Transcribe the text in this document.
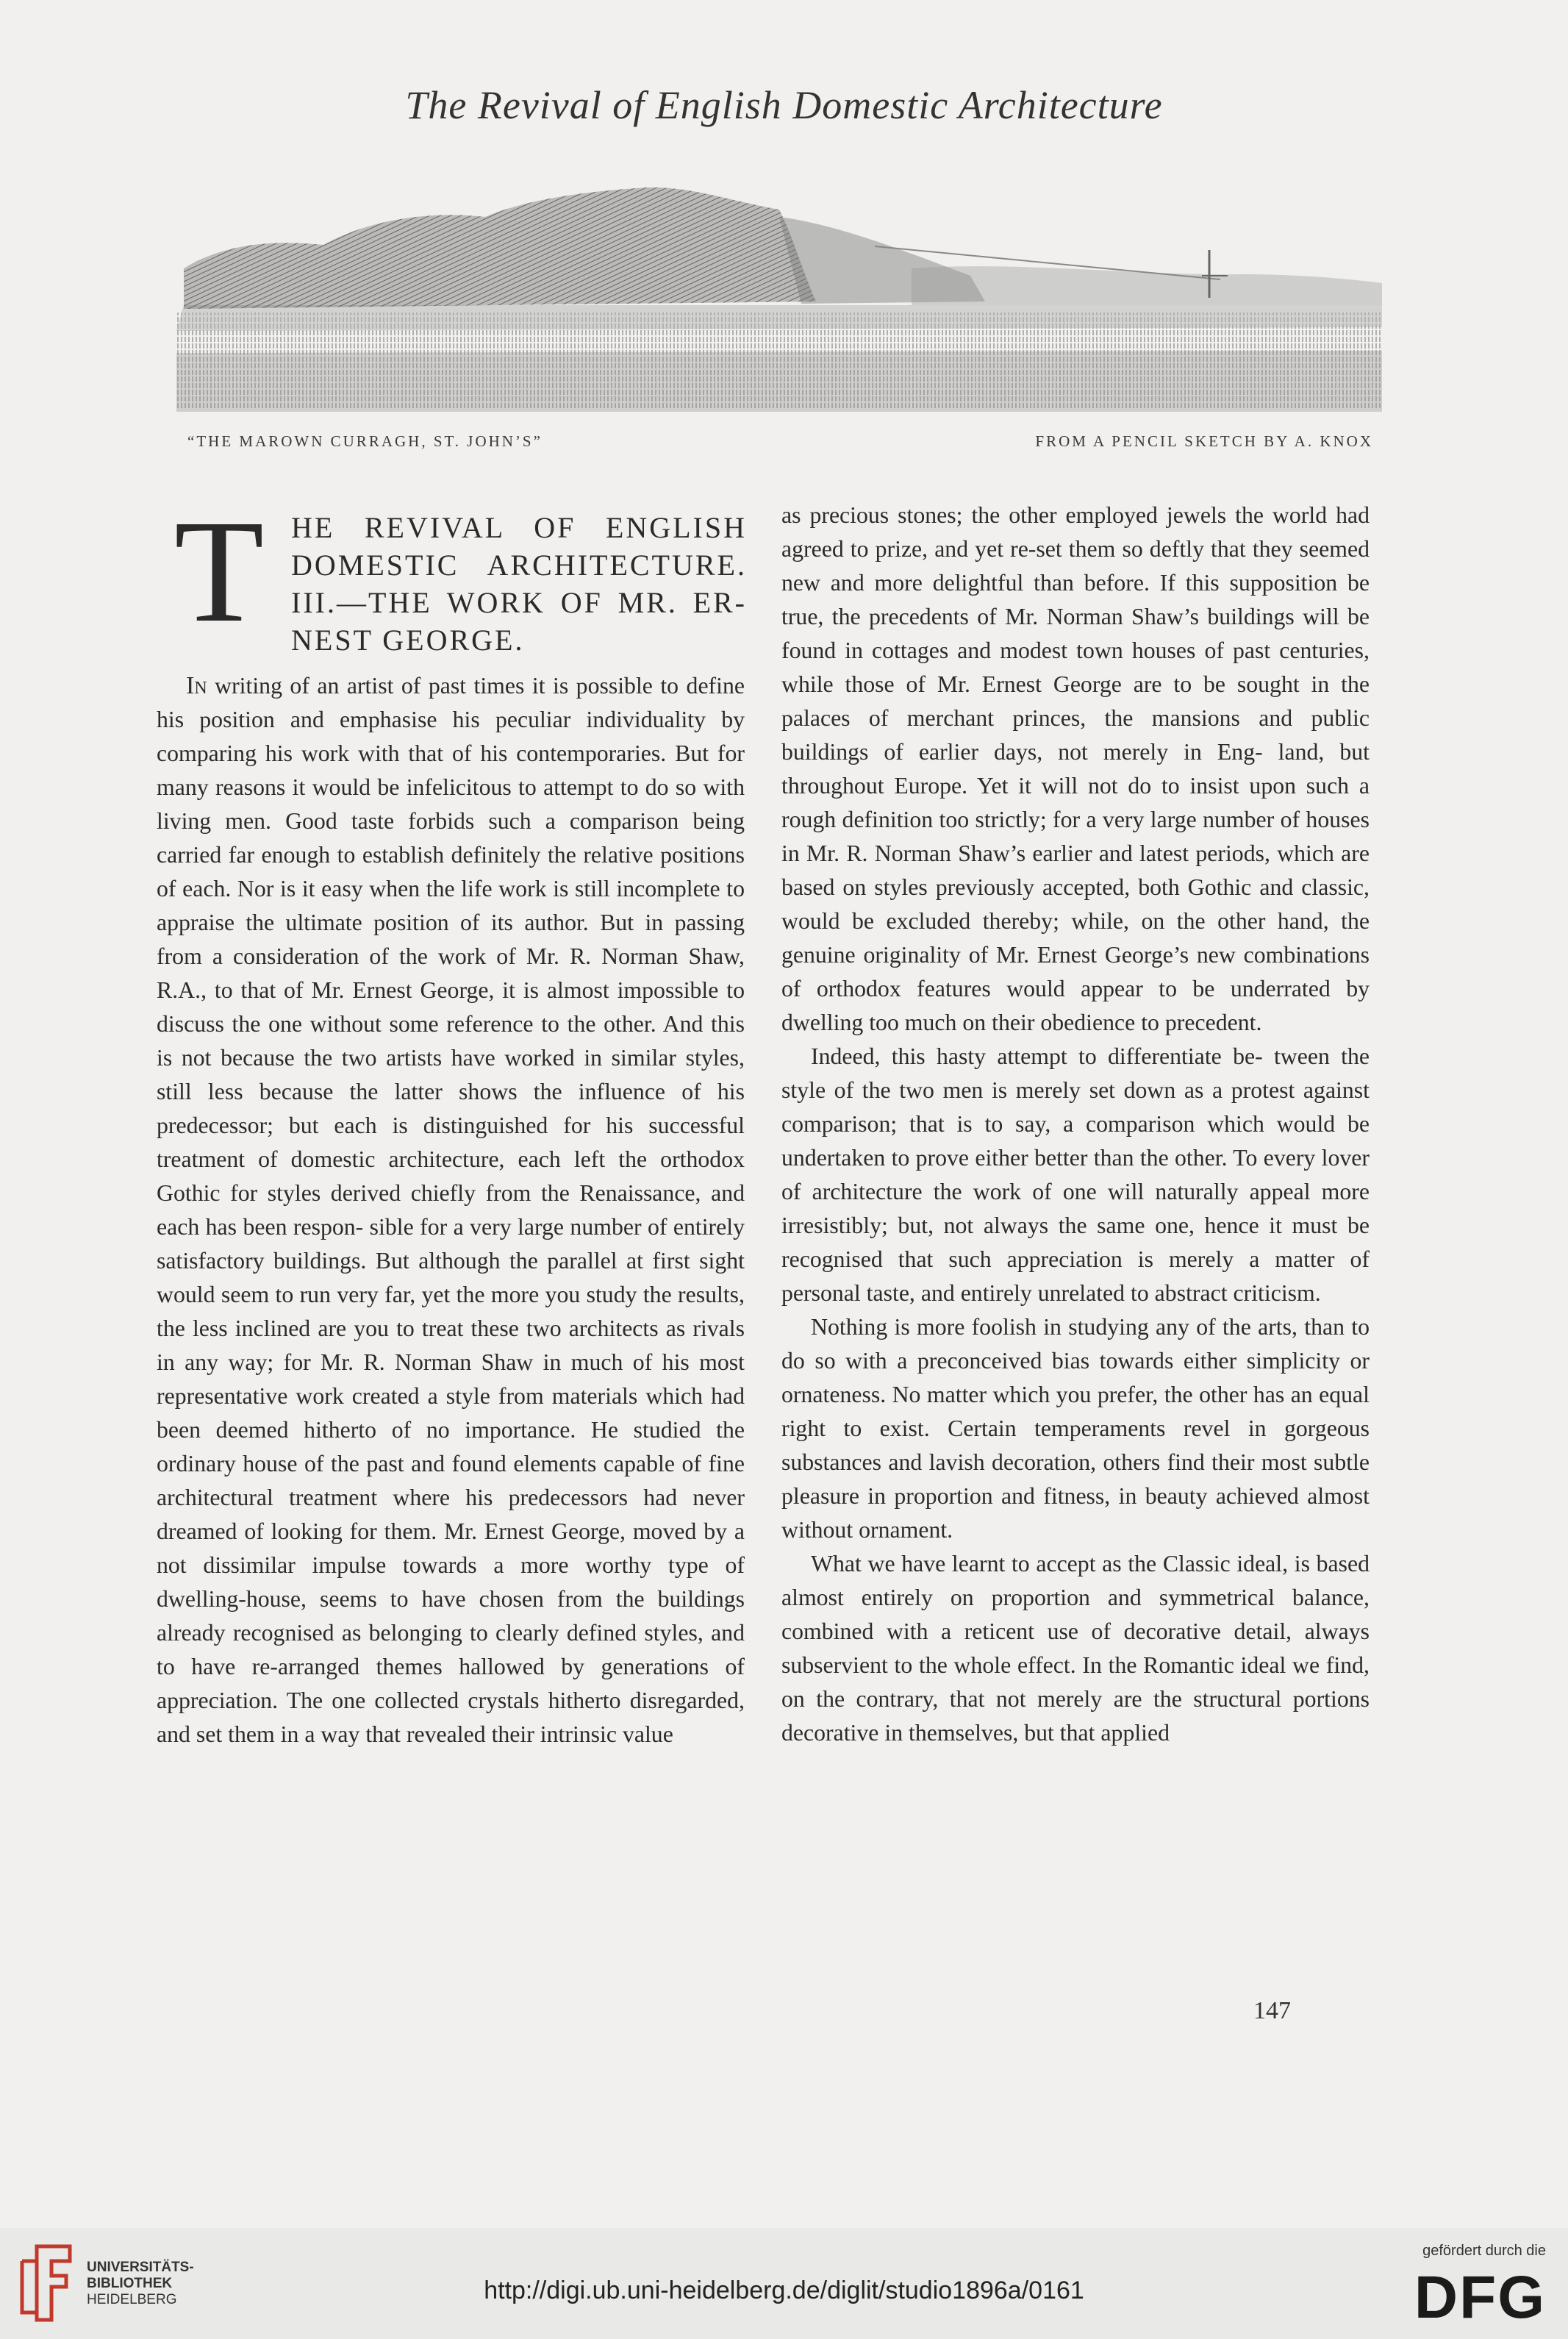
The Revival of English Domestic Architecture
“THE MAROWN CURRAGH, ST. JOHN’S”	FROM A PENCIL SKETCH BY A. KNOX
T HE REVIVAL OF ENGLISH DOMESTIC ARCHITECTURE. III.—THE WORK OF MR. ER- NEST GEORGE.

In writing of an artist of past times it is possible to define his position and emphasise his peculiar individuality by comparing his work with that of his contemporaries. But for many reasons it would be infelicitous to attempt to do so with living men. Good taste forbids such a comparison being carried far enough to establish definitely the relative positions of each. Nor is it easy when the life work is still incomplete to appraise the ultimate position of its author. But in passing from a consideration of the work of Mr. R. Norman Shaw, R.A., to that of Mr. Ernest George, it is almost impossible to discuss the one without some reference to the other. And this is not because the two artists have worked in similar styles, still less because the latter shows the influence of his predecessor; but each is distinguished for his successful treatment of domestic architecture, each left the orthodox Gothic for styles derived chiefly from the Renaissance, and each has been respon- sible for a very large number of entirely satisfactory buildings. But although the parallel at first sight would seem to run very far, yet the more you study the results, the less inclined are you to treat these two architects as rivals in any way; for Mr. R. Norman Shaw in much of his most representative work created a style from materials which had been deemed hitherto of no importance. He studied the ordinary house of the past and found elements capable of fine architectural treatment where his predecessors had never dreamed of looking for them. Mr. Ernest George, moved by a not dissimilar impulse towards a more worthy type of dwelling-house, seems to have chosen from the buildings already recognised as belonging to clearly defined styles, and to have re-arranged themes hallowed by generations of appreciation. The one collected crystals hitherto disregarded, and set them in a way that revealed their intrinsic value

as precious stones; the other employed jewels the world had agreed to prize, and yet re-set them so deftly that they seemed new and more delightful than before. If this supposition be true, the precedents of Mr. Norman Shaw’s buildings will be found in cottages and modest town houses of past centuries, while those of Mr. Ernest George are to be sought in the palaces of merchant princes, the mansions and public buildings of earlier days, not merely in Eng- land, but throughout Europe. Yet it will not do to insist upon such a rough definition too strictly; for a very large number of houses in Mr. R. Norman Shaw’s earlier and latest periods, which are based on styles previously accepted, both Gothic and classic, would be excluded thereby; while, on the other hand, the genuine originality of Mr. Ernest George’s new combinations of orthodox features would appear to be underrated by dwelling too much on their obedience to precedent.

Indeed, this hasty attempt to differentiate be- tween the style of the two men is merely set down as a protest against comparison; that is to say, a comparison which would be undertaken to prove either better than the other. To every lover of architecture the work of one will naturally appeal more irresistibly; but, not always the same one, hence it must be recognised that such appreciation is merely a matter of personal taste, and entirely unrelated to abstract criticism.

Nothing is more foolish in studying any of the arts, than to do so with a preconceived bias towards either simplicity or ornateness. No matter which you prefer, the other has an equal right to exist. Certain temperaments revel in gorgeous substances and lavish decoration, others find their most subtle pleasure in proportion and fitness, in beauty achieved almost without ornament.

What we have learnt to accept as the Classic ideal, is based almost entirely on proportion and symmetrical balance, combined with a reticent use of decorative detail, always subservient to the whole effect. In the Romantic ideal we find, on the contrary, that not merely are the structural portions decorative in themselves, but that applied

147
UNIVERSITÄTS-
BIBLIOTHEK
HEIDELBERG	http://digi.ub.uni-heidelberg.de/diglit/studio1896a/0161
gefördert durch die
DFG
